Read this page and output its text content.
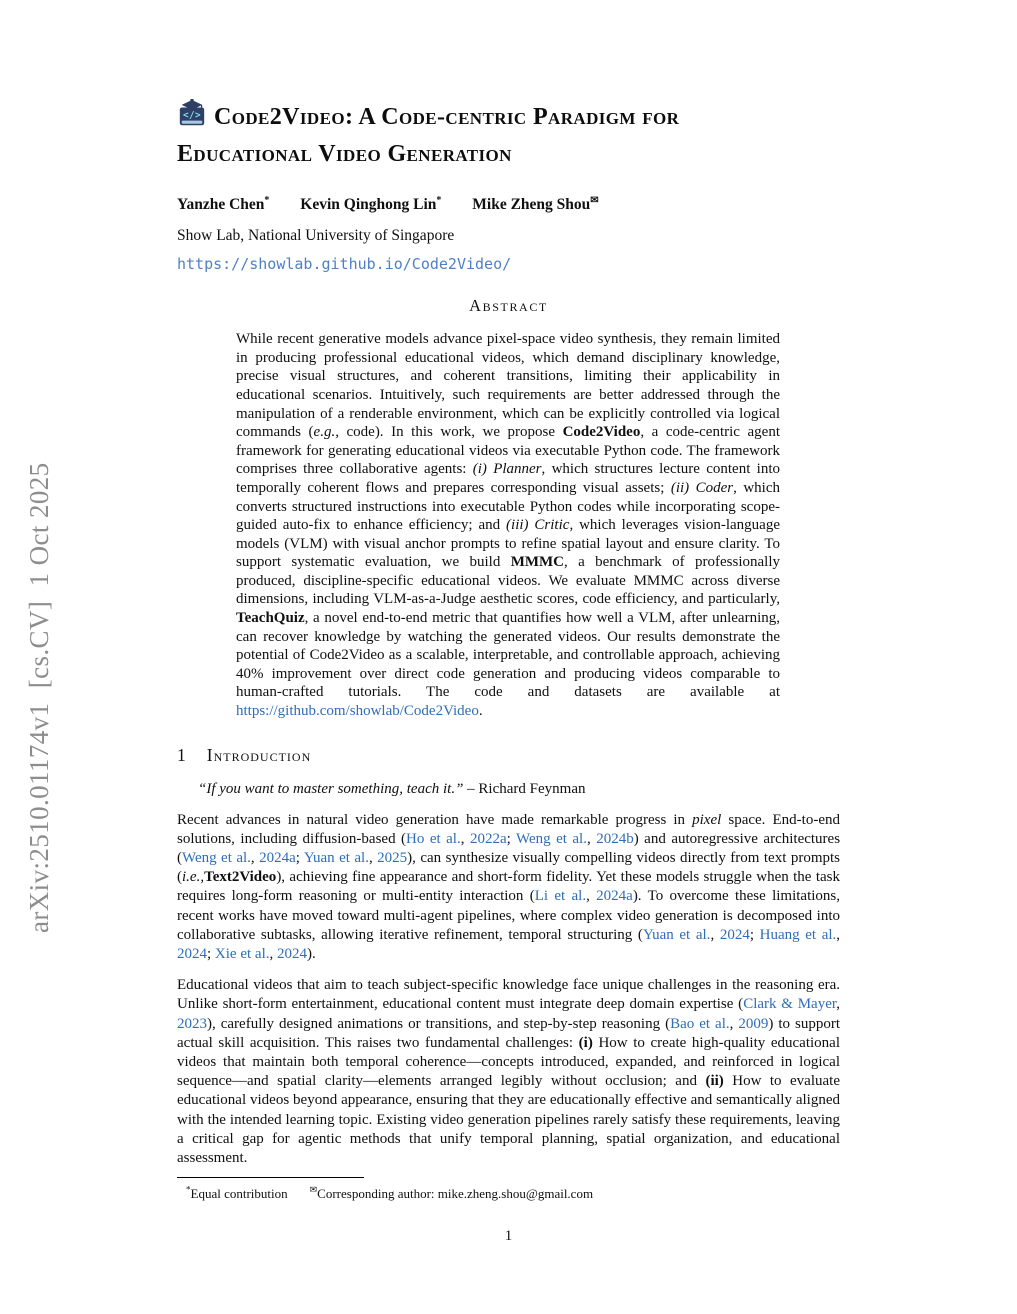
arXiv:2510.01174v1  [cs.CV]  1 Oct 2025
</> Code2Video: A Code-centric Paradigm for
Educational Video Generation
Yanzhe Chen* Kevin Qinghong Lin* Mike Zheng Shou✉
Show Lab, National University of Singapore
https://showlab.github.io/Code2Video/
Abstract
While recent generative models advance pixel-space video synthesis, they remain limited in producing professional educational videos, which demand disciplinary knowledge, precise visual structures, and coherent transitions, limiting their applicability in educational scenarios. Intuitively, such requirements are better addressed through the manipulation of a renderable environment, which can be explicitly controlled via logical commands (e.g., code). In this work, we propose Code2Video, a code-centric agent framework for generating educational videos via executable Python code. The framework comprises three collaborative agents: (i) Planner, which structures lecture content into temporally coherent flows and prepares corresponding visual assets; (ii) Coder, which converts structured instructions into executable Python codes while incorporating scope-guided auto-fix to enhance efficiency; and (iii) Critic, which leverages vision-language models (VLM) with visual anchor prompts to refine spatial layout and ensure clarity. To support systematic evaluation, we build MMMC, a benchmark of professionally produced, discipline-specific educational videos. We evaluate MMMC across diverse dimensions, including VLM-as-a-Judge aesthetic scores, code efficiency, and particularly, TeachQuiz, a novel end-to-end metric that quantifies how well a VLM, after unlearning, can recover knowledge by watching the generated videos. Our results demonstrate the potential of Code2Video as a scalable, interpretable, and controllable approach, achieving 40% improvement over direct code generation and producing videos comparable to human-crafted tutorials. The code and datasets are available at https://github.com/showlab/Code2Video.
1 Introduction
“If you want to master something, teach it.” – Richard Feynman
Recent advances in natural video generation have made remarkable progress in pixel space. End-to-end solutions, including diffusion-based (Ho et al., 2022a; Weng et al., 2024b) and autoregressive architectures (Weng et al., 2024a; Yuan et al., 2025), can synthesize visually compelling videos directly from text prompts (i.e.,Text2Video), achieving fine appearance and short-form fidelity. Yet these models struggle when the task requires long-form reasoning or multi-entity interaction (Li et al., 2024a). To overcome these limitations, recent works have moved toward multi-agent pipelines, where complex video generation is decomposed into collaborative subtasks, allowing iterative refinement, temporal structuring (Yuan et al., 2024; Huang et al., 2024; Xie et al., 2024).
Educational videos that aim to teach subject-specific knowledge face unique challenges in the reasoning era. Unlike short-form entertainment, educational content must integrate deep domain expertise (Clark & Mayer, 2023), carefully designed animations or transitions, and step-by-step reasoning (Bao et al., 2009) to support actual skill acquisition. This raises two fundamental challenges: (i) How to create high-quality educational videos that maintain both temporal coherence—concepts introduced, expanded, and reinforced in logical sequence—and spatial clarity—elements arranged legibly without occlusion; and (ii) How to evaluate educational videos beyond appearance, ensuring that they are educationally effective and semantically aligned with the intended learning topic. Existing video generation pipelines rarely satisfy these requirements, leaving a critical gap for agentic methods that unify temporal planning, spatial organization, and educational assessment.
*Equal contribution ✉Corresponding author: mike.zheng.shou@gmail.com
1
